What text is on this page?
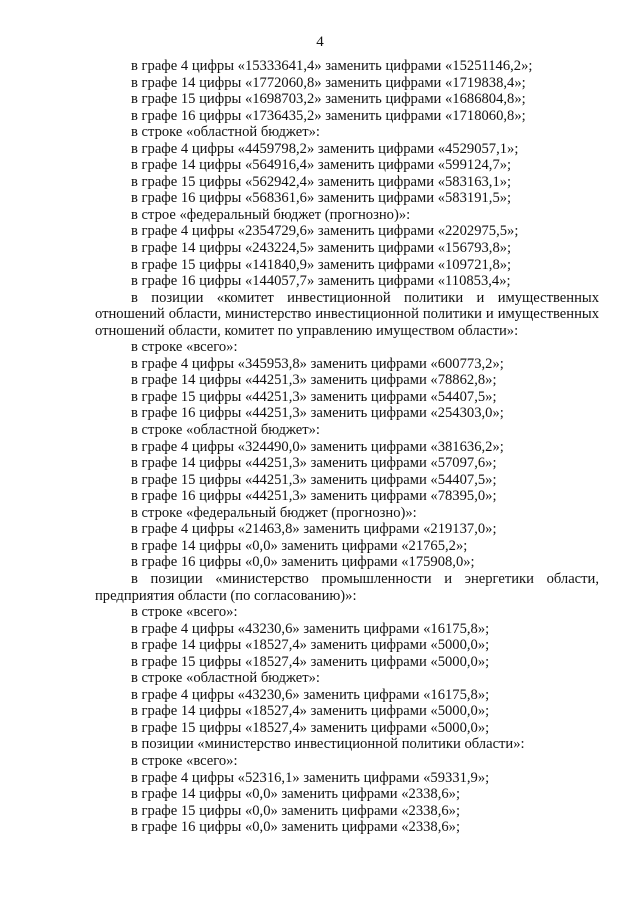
4
в графе 4 цифры «15333641,4» заменить цифрами «15251146,2»;
в графе 14 цифры «1772060,8» заменить цифрами «1719838,4»;
в графе 15 цифры «1698703,2» заменить цифрами «1686804,8»;
в графе 16 цифры «1736435,2» заменить цифрами «1718060,8»;
в строке «областной бюджет»:
в графе 4 цифры «4459798,2» заменить цифрами «4529057,1»;
в графе 14 цифры «564916,4» заменить цифрами «599124,7»;
в графе 15 цифры «562942,4» заменить цифрами «583163,1»;
в графе 16 цифры «568361,6» заменить цифрами «583191,5»;
в строе «федеральный бюджет (прогнозно)»:
в графе 4 цифры «2354729,6» заменить цифрами «2202975,5»;
в графе 14 цифры «243224,5» заменить цифрами «156793,8»;
в графе 15 цифры «141840,9» заменить цифрами «109721,8»;
в графе 16 цифры «144057,7» заменить цифрами «110853,4»;
в позиции «комитет инвестиционной политики и имущественных отношений области, министерство инвестиционной политики и имущественных отношений области, комитет по управлению имуществом области»:
в строке «всего»:
в графе 4 цифры «345953,8» заменить цифрами «600773,2»;
в графе 14 цифры «44251,3» заменить цифрами «78862,8»;
в графе 15 цифры «44251,3» заменить цифрами «54407,5»;
в графе 16 цифры «44251,3» заменить цифрами «254303,0»;
в строке «областной бюджет»:
в графе 4 цифры «324490,0» заменить цифрами «381636,2»;
в графе 14 цифры «44251,3» заменить цифрами «57097,6»;
в графе 15 цифры «44251,3» заменить цифрами «54407,5»;
в графе 16 цифры «44251,3» заменить цифрами «78395,0»;
в строке «федеральный бюджет (прогнозно)»:
в графе 4 цифры «21463,8» заменить цифрами «219137,0»;
в графе 14 цифры «0,0» заменить цифрами «21765,2»;
в графе 16 цифры «0,0» заменить цифрами «175908,0»;
в позиции «министерство промышленности и энергетики области, предприятия области (по согласованию)»:
в строке «всего»:
в графе 4 цифры «43230,6» заменить цифрами «16175,8»;
в графе 14 цифры «18527,4» заменить цифрами «5000,0»;
в графе 15 цифры «18527,4» заменить цифрами «5000,0»;
в строке «областной бюджет»:
в графе 4 цифры «43230,6» заменить цифрами «16175,8»;
в графе 14 цифры «18527,4» заменить цифрами «5000,0»;
в графе 15 цифры «18527,4» заменить цифрами «5000,0»;
в позиции «министерство инвестиционной политики области»:
в строке «всего»:
в графе 4 цифры «52316,1» заменить цифрами «59331,9»;
в графе 14 цифры «0,0» заменить цифрами «2338,6»;
в графе 15 цифры «0,0» заменить цифрами «2338,6»;
в графе 16 цифры «0,0» заменить цифрами «2338,6»;
